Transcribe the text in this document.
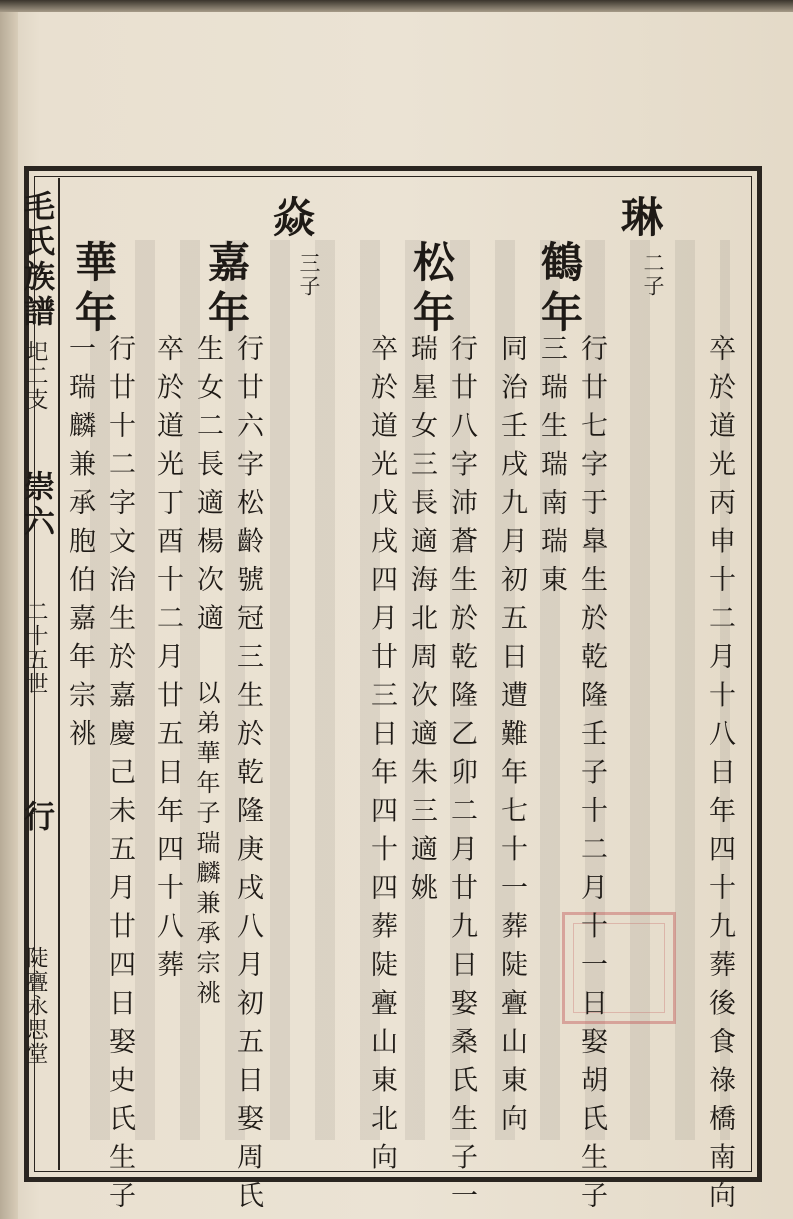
毛氏族譜
圯二支
崇六
二十五世
行
陡亹永思堂	卒於道光丙申十二月十八日年四十九葬後食祿橋南向
琳
二子
鶴年
行廿七字于臯生於乾隆壬子十二月十一日娶胡氏生子
三瑞生瑞南瑞東
同治壬戌九月初五日遭難年七十一葬陡亹山東向
松年
行廿八字沛蒼生於乾隆乙卯二月廿九日娶桑氏生子一
瑞星女三長適海北周次適朱三適姚
卒於道光戊戌四月廿三日年四十四葬陡亹山東北向
焱
三子
嘉年
行廿六字松齡號冠三生於乾隆庚戌八月初五日娶周氏
生女二長適楊次適
以弟華年子瑞麟兼承宗祧
卒於道光丁酉十二月廿五日年四十八葬
華年
行廿十二字文治生於嘉慶己未五月廿四日娶史氏生子
一瑞麟兼承胞伯嘉年宗祧
